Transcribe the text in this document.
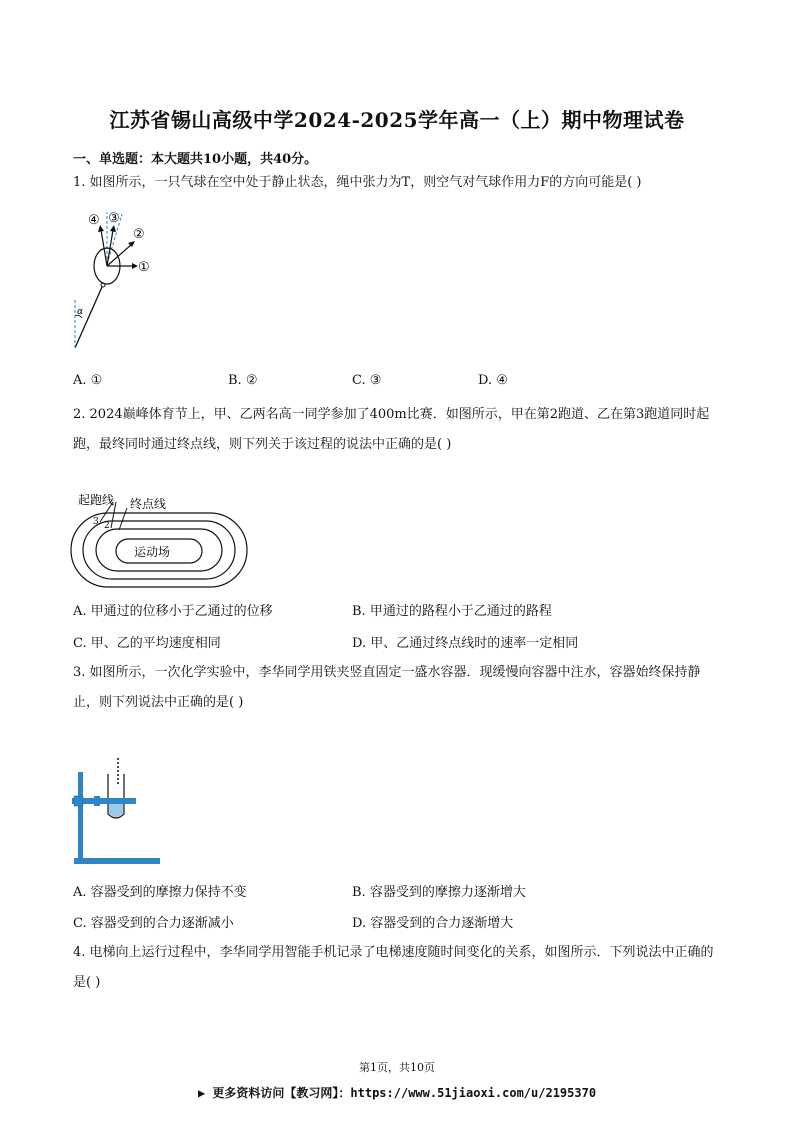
江苏省锡山高级中学2024-2025学年高一（上）期中物理试卷
一、单选题：本大题共10小题，共40分。
1. 如图所示，一只气球在空中处于静止状态，绳中张力为T，则空气对气球作用力F的方向可能是( )
④ ③
②
①
α
A. ①	B. ②	C. ③	D. ④
2. 2024巅峰体育节上，甲、乙两名高一同学参加了400m比赛．如图所示，甲在第2跑道、乙在第3跑道同时起跑，最终同时通过终点线，则下列关于该过程的说法中正确的是( )
起跑线 终点线
运动场
3 2
A. 甲通过的位移小于乙通过的位移	B. 甲通过的路程小于乙通过的路程
C. 甲、乙的平均速度相同	D. 甲、乙通过终点线时的速率一定相同
3. 如图所示，一次化学实验中，李华同学用铁夹竖直固定一盛水容器．现缓慢向容器中注水，容器始终保持静止，则下列说法中正确的是( )
A. 容器受到的摩擦力保持不变	B. 容器受到的摩擦力逐渐增大
C. 容器受到的合力逐渐减小	D. 容器受到的合力逐渐增大
4. 电梯向上运行过程中，李华同学用智能手机记录了电梯速度随时间变化的关系，如图所示．下列说法中正确的是( )
第1页，共10页
▶ 更多资料访问【教习网】：https://www.51jiaoxi.com/u/2195370
